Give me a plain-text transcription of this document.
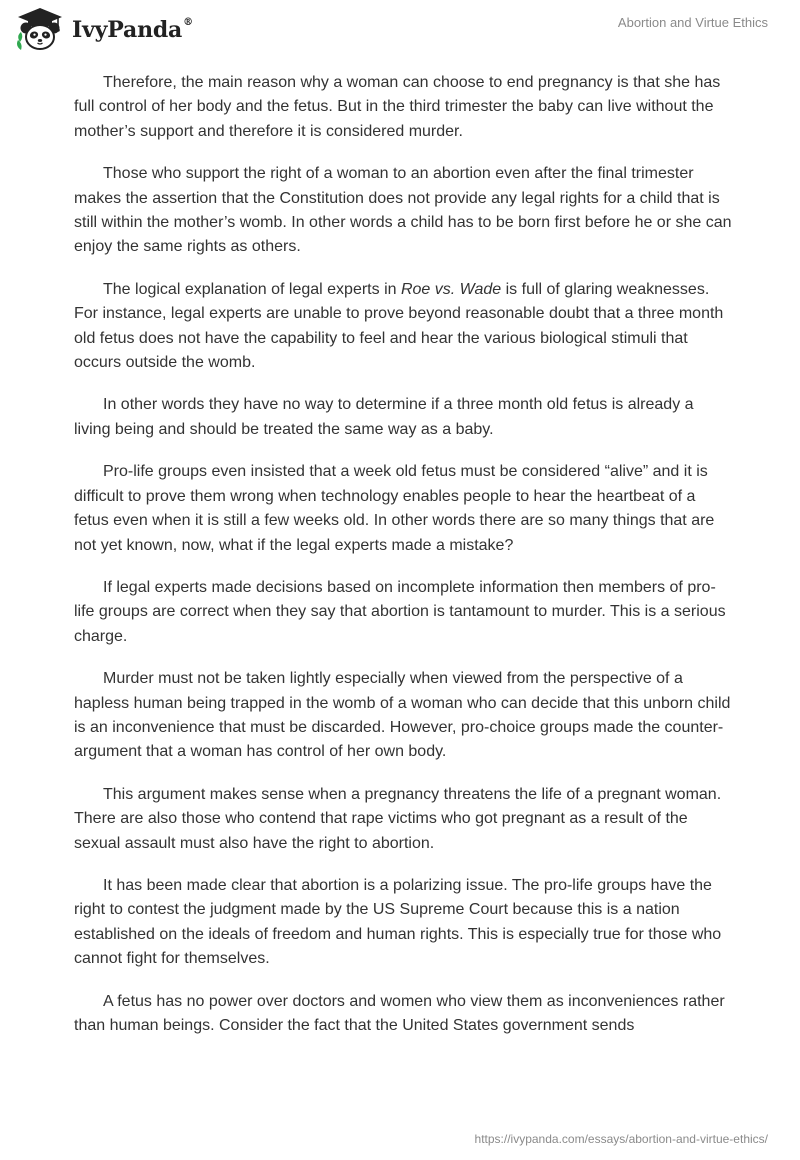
IvyPanda®	Abortion and Virtue Ethics

Therefore, the main reason why a woman can choose to end pregnancy is that she has full control of her body and the fetus. But in the third trimester the baby can live without the mother’s support and therefore it is considered murder.

Those who support the right of a woman to an abortion even after the final trimester makes the assertion that the Constitution does not provide any legal rights for a child that is still within the mother’s womb. In other words a child has to be born first before he or she can enjoy the same rights as others.

The logical explanation of legal experts in Roe vs. Wade is full of glaring weaknesses. For instance, legal experts are unable to prove beyond reasonable doubt that a three month old fetus does not have the capability to feel and hear the various biological stimuli that occurs outside the womb.

In other words they have no way to determine if a three month old fetus is already a living being and should be treated the same way as a baby.

Pro-life groups even insisted that a week old fetus must be considered “alive” and it is difficult to prove them wrong when technology enables people to hear the heartbeat of a fetus even when it is still a few weeks old. In other words there are so many things that are not yet known, now, what if the legal experts made a mistake?

If legal experts made decisions based on incomplete information then members of pro-life groups are correct when they say that abortion is tantamount to murder. This is a serious charge.

Murder must not be taken lightly especially when viewed from the perspective of a hapless human being trapped in the womb of a woman who can decide that this unborn child is an inconvenience that must be discarded. However, pro-choice groups made the counter-argument that a woman has control of her own body.

This argument makes sense when a pregnancy threatens the life of a pregnant woman. There are also those who contend that rape victims who got pregnant as a result of the sexual assault must also have the right to abortion.

It has been made clear that abortion is a polarizing issue. The pro-life groups have the right to contest the judgment made by the US Supreme Court because this is a nation established on the ideals of freedom and human rights. This is especially true for those who cannot fight for themselves.

A fetus has no power over doctors and women who view them as inconveniences rather than human beings. Consider the fact that the United States government sends

https://ivypanda.com/essays/abortion-and-virtue-ethics/
